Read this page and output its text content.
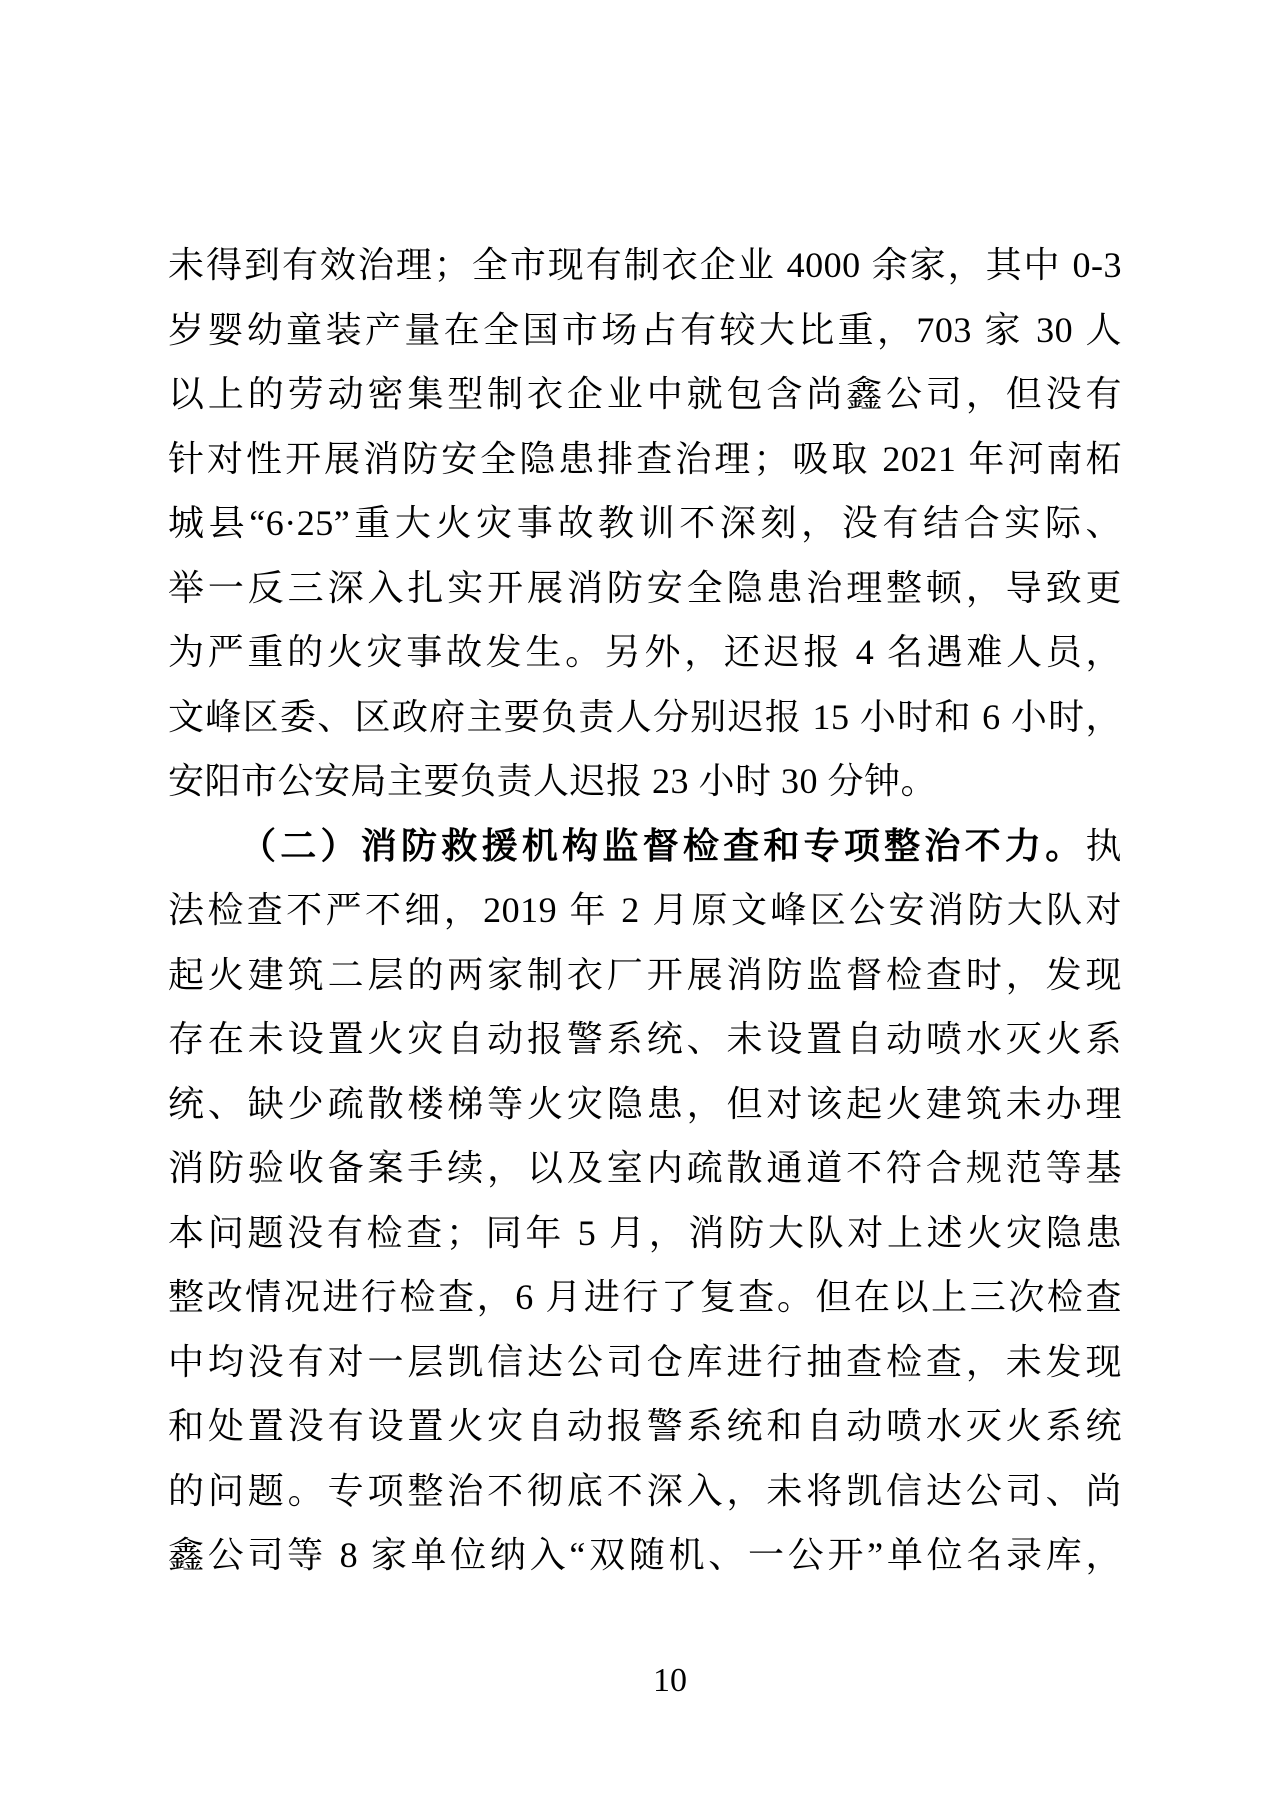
未得到有效治理；全市现有制衣企业 4000 余家，其中 0-3
岁婴幼童装产量在全国市场占有较大比重，703 家 30 人
以上的劳动密集型制衣企业中就包含尚鑫公司，但没有
针对性开展消防安全隐患排查治理；吸取 2021 年河南柘
城县“6·25”重大火灾事故教训不深刻，没有结合实际、
举一反三深入扎实开展消防安全隐患治理整顿，导致更
为严重的火灾事故发生。另外，还迟报 4 名遇难人员，
文峰区委、区政府主要负责人分别迟报 15 小时和 6 小时，
安阳市公安局主要负责人迟报 23 小时 30 分钟。
（二）消防救援机构监督检查和专项整治不力。执
法检查不严不细，2019 年 2 月原文峰区公安消防大队对
起火建筑二层的两家制衣厂开展消防监督检查时，发现
存在未设置火灾自动报警系统、未设置自动喷水灭火系
统、缺少疏散楼梯等火灾隐患，但对该起火建筑未办理
消防验收备案手续，以及室内疏散通道不符合规范等基
本问题没有检查；同年 5 月，消防大队对上述火灾隐患
整改情况进行检查，6 月进行了复查。但在以上三次检查
中均没有对一层凯信达公司仓库进行抽查检查，未发现
和处置没有设置火灾自动报警系统和自动喷水灭火系统
的问题。专项整治不彻底不深入，未将凯信达公司、尚
鑫公司等 8 家单位纳入“双随机、一公开”单位名录库，
10
